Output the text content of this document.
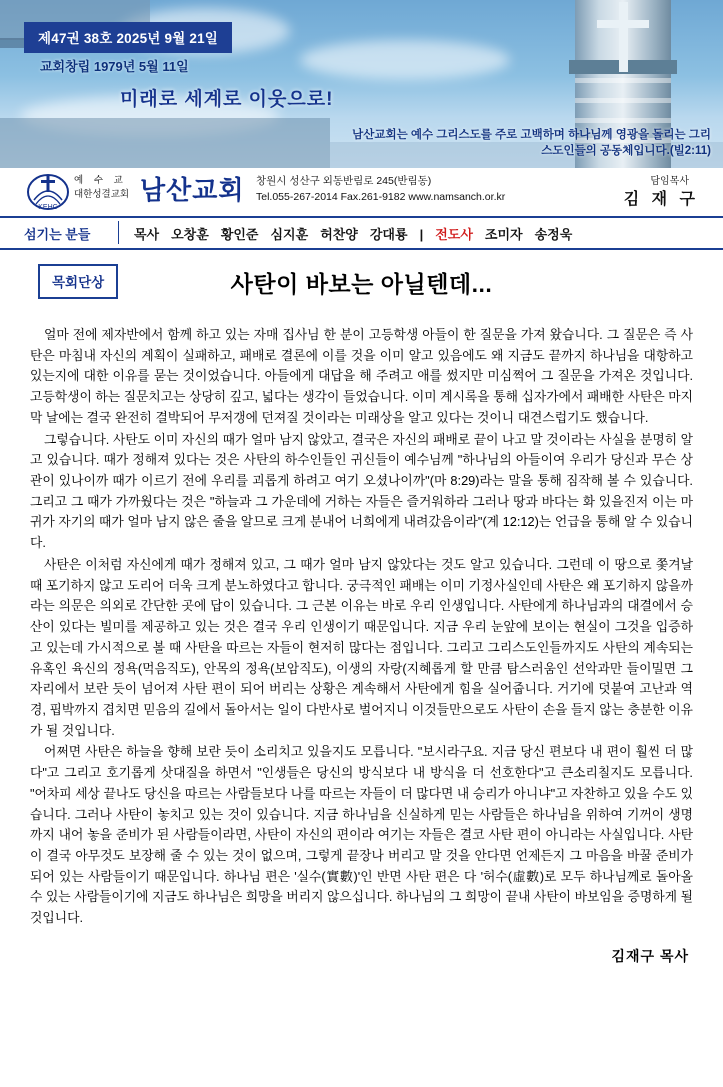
제47권 38호 2025년 9월 21일
교회창립 1979년 5월 11일
미래로 세계로 이웃으로!
남산교회는 예수 그리스도를 주로 고백하며 하나님께 영광을 돌리는 그리스도인들의 공동체입니다.(빌2:11)
KEHC
예 수 교
대한성결교회 남산교회 창원시 성산구 외동반림로 245(반림동)
Tel.055-267-2014 Fax.261-9182 www.namsanch.or.kr
담임목사
김 재 구
섬기는 분들	목사 오창훈 황인준 심지훈 허찬양 강대룡 | 전도사 조미자 송정욱
목회단상	사탄이 바보는 아닐텐데...

얼마 전에 제자반에서 함께 하고 있는 자매 집사님 한 분이 고등학생 아들이 한 질문을 가져 왔습니다. 그 질문은 즉 사탄은 마침내 자신의 계획이 실패하고, 패배로 결론에 이를 것을 이미 알고 있음에도 왜 지금도 끝까지 하나님을 대항하고 있는지에 대한 이유를 묻는 것이었습니다. 아들에게 대답을 해 주려고 애를 썼지만 미심쩍어 그 질문을 가져온 것입니다. 고등학생이 하는 질문치고는 상당히 깊고, 넓다는 생각이 들었습니다. 이미 계시록을 통해 십자가에서 패배한 사탄은 마지막 날에는 결국 완전히 결박되어 무저갱에 던져질 것이라는 미래상을 알고 있다는 것이니 대견스럽기도 했습니다.

그렇습니다. 사탄도 이미 자신의 때가 얼마 남지 않았고, 결국은 자신의 패배로 끝이 나고 말 것이라는 사실을 분명히 알고 있습니다. 때가 정해져 있다는 것은 사탄의 하수인들인 귀신들이 예수님께 "하나님의 아들이여 우리가 당신과 무슨 상관이 있나이까 때가 이르기 전에 우리를 괴롭게 하려고 여기 오셨나이까"(마 8:29)라는 말을 통해 짐작해 볼 수 있습니다. 그리고 그 때가 가까웠다는 것은 "하늘과 그 가운데에 거하는 자들은 즐거워하라 그러나 땅과 바다는 화 있을진저 이는 마귀가 자기의 때가 얼마 남지 않은 줄을 알므로 크게 분내어 너희에게 내려갔음이라"(계 12:12)는 언급을 통해 알 수 있습니다.

사탄은 이처럼 자신에게 때가 정해져 있고, 그 때가 얼마 남지 않았다는 것도 알고 있습니다. 그런데 이 땅으로 쫓겨날 때 포기하지 않고 도리어 더욱 크게 분노하였다고 합니다. 궁극적인 패배는 이미 기정사실인데 사탄은 왜 포기하지 않을까라는 의문은 의외로 간단한 곳에 답이 있습니다. 그 근본 이유는 바로 우리 인생입니다. 사탄에게 하나님과의 대결에서 승산이 있다는 빌미를 제공하고 있는 것은 결국 우리 인생이기 때문입니다. 지금 우리 눈앞에 보이는 현실이 그것을 입증하고 있는데 가시적으로 볼 때 사탄을 따르는 자들이 현저히 많다는 점입니다. 그리고 그리스도인들까지도 사탄의 계속되는 유혹인 육신의 정욕(먹음직도), 안목의 정욕(보암직도), 이생의 자랑(지혜롭게 할 만큼 탐스러움인 선악과만 들이밀면 그 자리에서 보란 듯이 넘어져 사탄 편이 되어 버리는 상황은 계속해서 사탄에게 힘을 실어줍니다. 거기에 덧붙여 고난과 역경, 핍박까지 겹치면 믿음의 길에서 돌아서는 일이 다반사로 벌어지니 이것들만으로도 사탄이 손을 들지 않는 충분한 이유가 될 것입니다.

어쩌면 사탄은 하늘을 향해 보란 듯이 소리치고 있을지도 모릅니다. "보시라구요. 지금 당신 편보다 내 편이 훨씬 더 많다"고 그리고 호기롭게 삿대질을 하면서 "인생들은 당신의 방식보다 내 방식을 더 선호한다"고 큰소리칠지도 모릅니다. "어차피 세상 끝나도 당신을 따르는 사람들보다 나를 따르는 자들이 더 많다면 내 승리가 아니냐"고 자찬하고 있을 수도 있습니다. 그러나 사탄이 놓치고 있는 것이 있습니다. 지금 하나님을 신실하게 믿는 사람들은 하나님을 위하여 기꺼이 생명까지 내어 놓을 준비가 된 사람들이라면, 사탄이 자신의 편이라 여기는 자들은 결코 사탄 편이 아니라는 사실입니다. 사탄이 결국 아무것도 보장해 줄 수 있는 것이 없으며, 그렇게 끝장나 버리고 말 것을 안다면 언제든지 그 마음을 바꿀 준비가 되어 있는 사람들이기 때문입니다. 하나님 편은 '실수(實數)'인 반면 사탄 편은 다 '허수(虛數)로 모두 하나님께로 돌아올 수 있는 사람들이기에 지금도 하나님은 희망을 버리지 않으십니다. 하나님의 그 희망이 끝내 사탄이 바보임을 증명하게 될 것입니다.

김재구 목사
